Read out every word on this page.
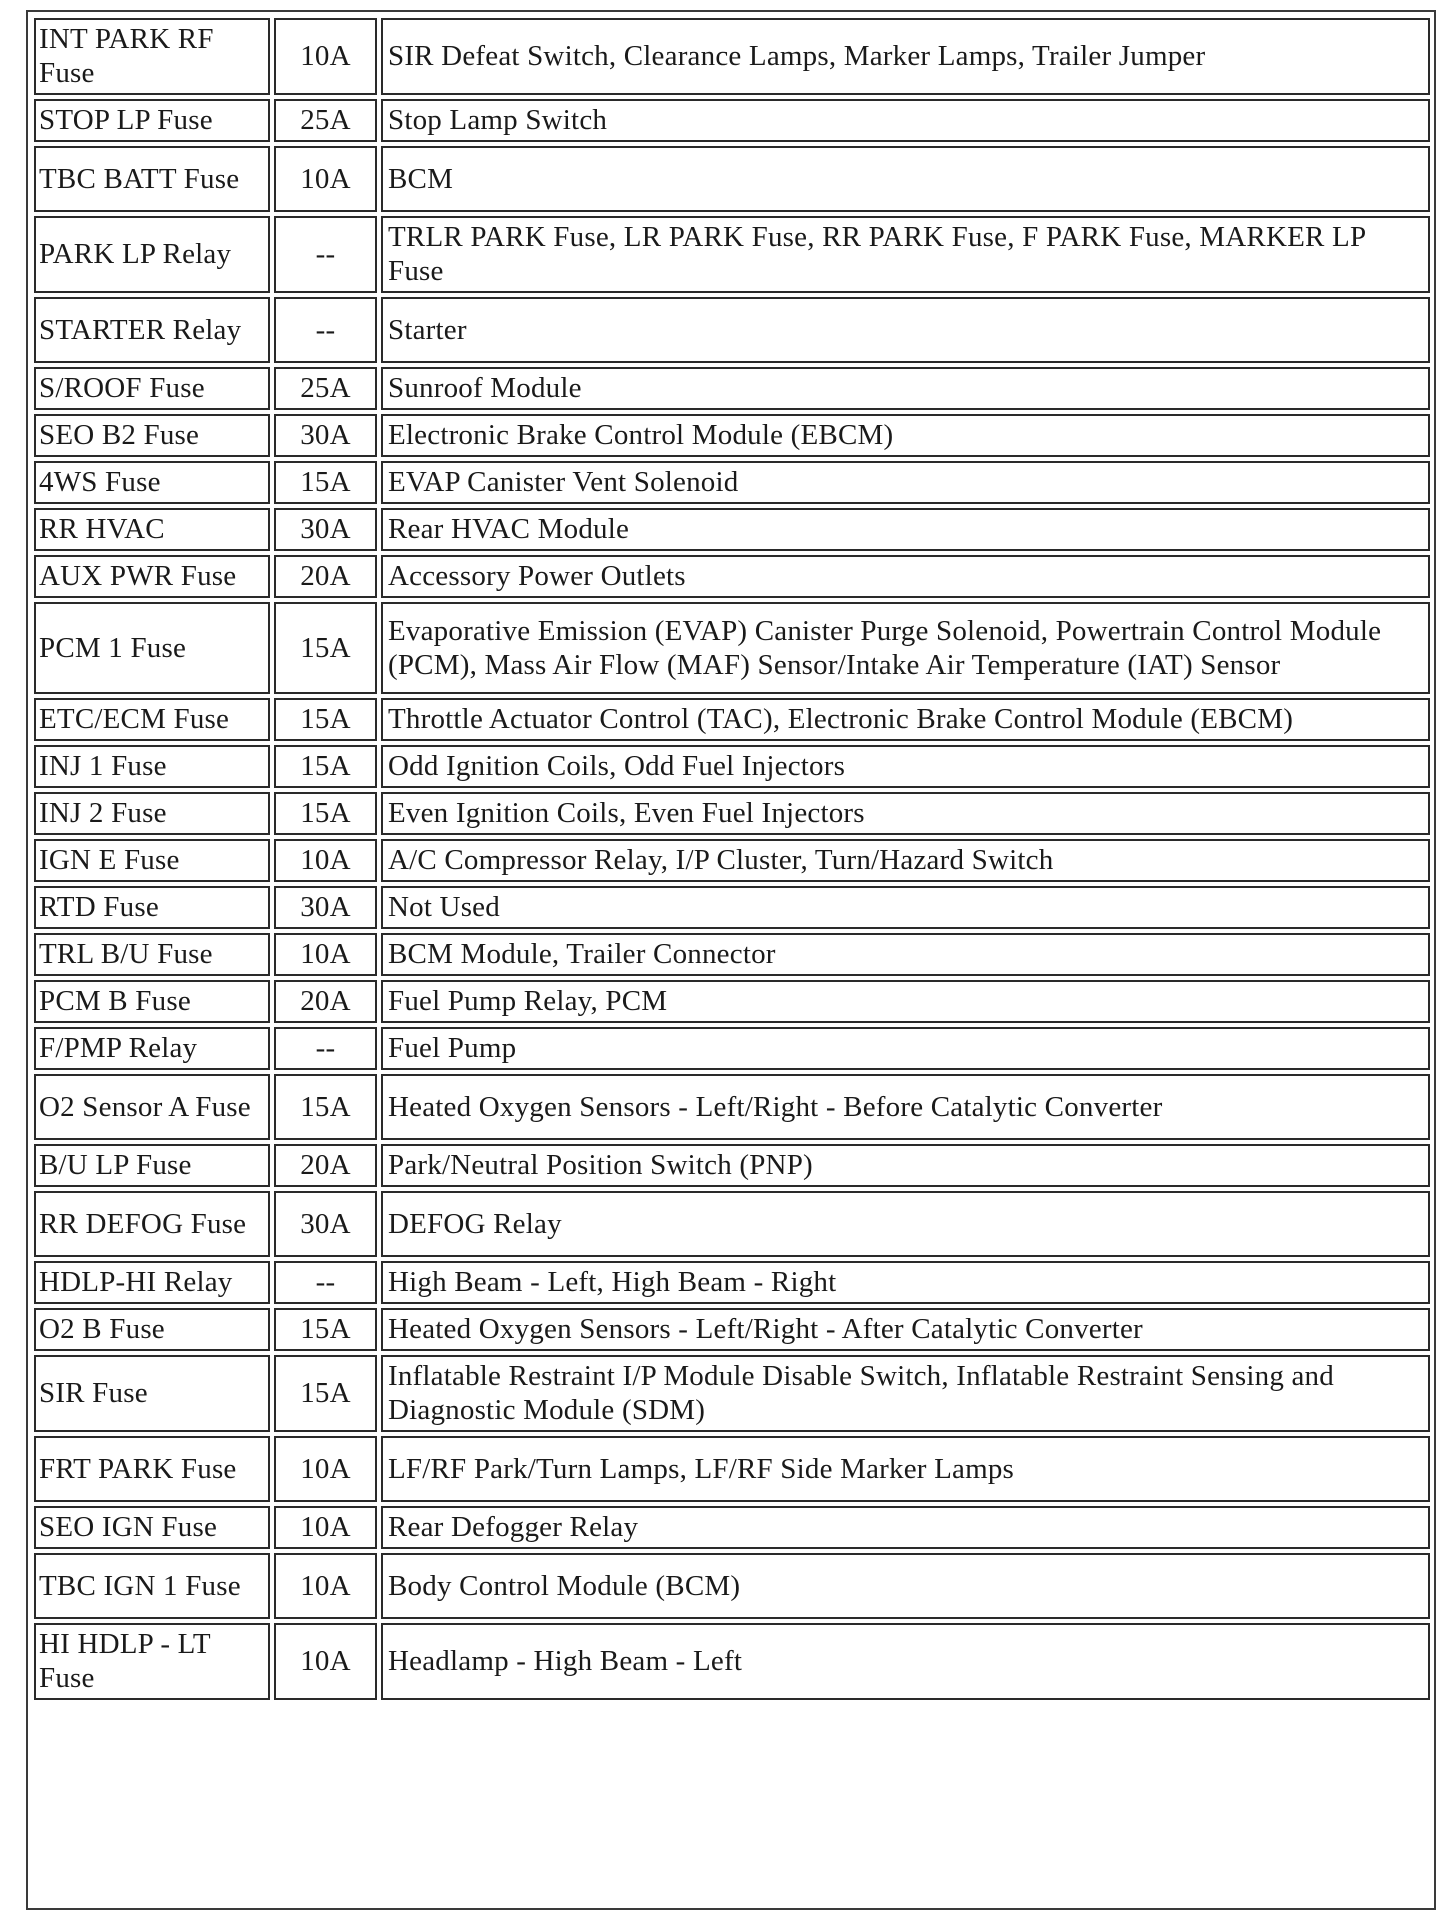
INT PARK RF Fuse	10A	SIR Defeat Switch, Clearance Lamps, Marker Lamps, Trailer Jumper
STOP LP Fuse	25A	Stop Lamp Switch
TBC BATT Fuse	10A	BCM
PARK LP Relay	--	TRLR PARK Fuse, LR PARK Fuse, RR PARK Fuse, F PARK Fuse, MARKER LP Fuse
STARTER Relay	--	Starter
S/ROOF Fuse	25A	Sunroof Module
SEO B2 Fuse	30A	Electronic Brake Control Module (EBCM)
4WS Fuse	15A	EVAP Canister Vent Solenoid
RR HVAC	30A	Rear HVAC Module
AUX PWR Fuse	20A	Accessory Power Outlets
PCM 1 Fuse	15A	Evaporative Emission (EVAP) Canister Purge Solenoid, Powertrain Control Module (PCM), Mass Air Flow (MAF) Sensor/Intake Air Temperature (IAT) Sensor
ETC/ECM Fuse	15A	Throttle Actuator Control (TAC), Electronic Brake Control Module (EBCM)
INJ 1 Fuse	15A	Odd Ignition Coils, Odd Fuel Injectors
INJ 2 Fuse	15A	Even Ignition Coils, Even Fuel Injectors
IGN E Fuse	10A	A/C Compressor Relay, I/P Cluster, Turn/Hazard Switch
RTD Fuse	30A	Not Used
TRL B/U Fuse	10A	BCM Module, Trailer Connector
PCM B Fuse	20A	Fuel Pump Relay, PCM
F/PMP Relay	--	Fuel Pump
O2 Sensor A Fuse	15A	Heated Oxygen Sensors - Left/Right - Before Catalytic Converter
B/U LP Fuse	20A	Park/Neutral Position Switch (PNP)
RR DEFOG Fuse	30A	DEFOG Relay
HDLP-HI Relay	--	High Beam - Left, High Beam - Right
O2 B Fuse	15A	Heated Oxygen Sensors - Left/Right - After Catalytic Converter
SIR Fuse	15A	Inflatable Restraint I/P Module Disable Switch, Inflatable Restraint Sensing and Diagnostic Module (SDM)
FRT PARK Fuse	10A	LF/RF Park/Turn Lamps, LF/RF Side Marker Lamps
SEO IGN Fuse	10A	Rear Defogger Relay
TBC IGN 1 Fuse	10A	Body Control Module (BCM)
HI HDLP - LT Fuse	10A	Headlamp - High Beam - Left
